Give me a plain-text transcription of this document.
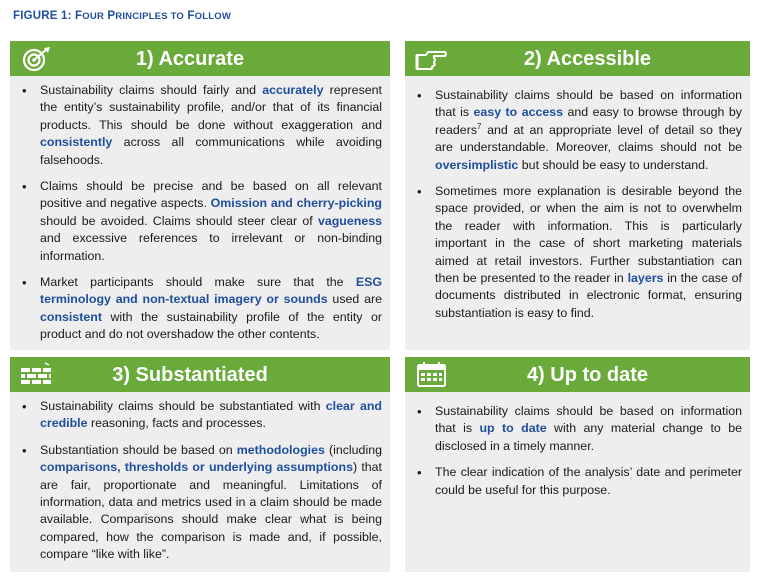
FIGURE 1: FOUR PRINCIPLES TO FOLLOW
1) Accurate
• Sustainability claims should fairly and accurately represent the entity’s sustainability profile, and/or that of its financial products. This should be done without exaggeration and consistently across all communications while avoiding falsehoods.
• Claims should be precise and be based on all relevant positive and negative aspects. Omission and cherry-picking should be avoided. Claims should steer clear of vagueness and excessive references to irrelevant or non-binding information.
• Market participants should make sure that the ESG terminology and non-textual imagery or sounds used are consistent with the sustainability profile of the entity or product and do not overshadow the other contents.
2) Accessible
• Sustainability claims should be based on information that is easy to access and easy to browse through by readers$^7$ and at an appropriate level of detail so they are understandable. Moreover, claims should not be oversimplistic but should be easy to understand.
• Sometimes more explanation is desirable beyond the space provided, or when the aim is not to overwhelm the reader with information. This is particularly important in the case of short marketing materials aimed at retail investors. Further substantiation can then be presented to the reader in layers in the case of documents distributed in electronic format, ensuring substantiation is easy to find.
3) Substantiated
• Sustainability claims should be substantiated with clear and credible reasoning, facts and processes.
• Substantiation should be based on methodologies (including comparisons, thresholds or underlying assumptions) that are fair, proportionate and meaningful. Limitations of information, data and metrics used in a claim should be made available. Comparisons should make clear what is being compared, how the comparison is made and, if possible, compare “like with like”.
4) Up to date
• Sustainability claims should be based on information that is up to date with any material change to be disclosed in a timely manner.
• The clear indication of the analysis’ date and perimeter could be useful for this purpose.
